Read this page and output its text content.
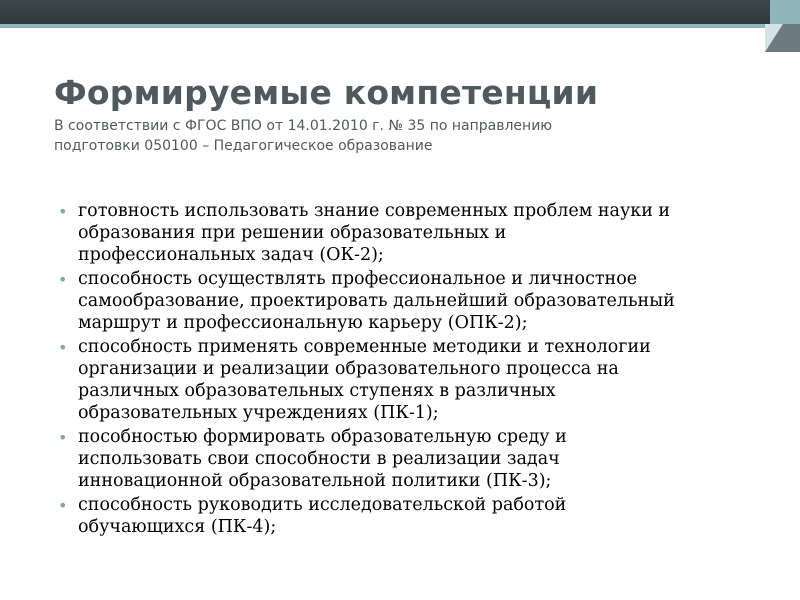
Формируемые компетенции
В соответствии с ФГОС ВПО от 14.01.2010 г. № 35 по направлению
подготовки 050100 – Педагогическое образование
• готовность использовать знание современных проблем науки и
образования при решении образовательных и
профессиональных задач (ОК-2);
• способность осуществлять профессиональное и личностное
самообразование, проектировать дальнейший образовательный
маршрут и профессиональную карьеру (ОПК-2);
• способность применять современные методики и технологии
организации и реализации образовательного процесса на
различных образовательных ступенях в различных
образовательных учреждениях (ПК-1);
• пособностью формировать образовательную среду и
использовать свои способности в реализации задач
инновационной образовательной политики (ПК-3);
• способность руководить исследовательской работой
обучающихся (ПК-4);
